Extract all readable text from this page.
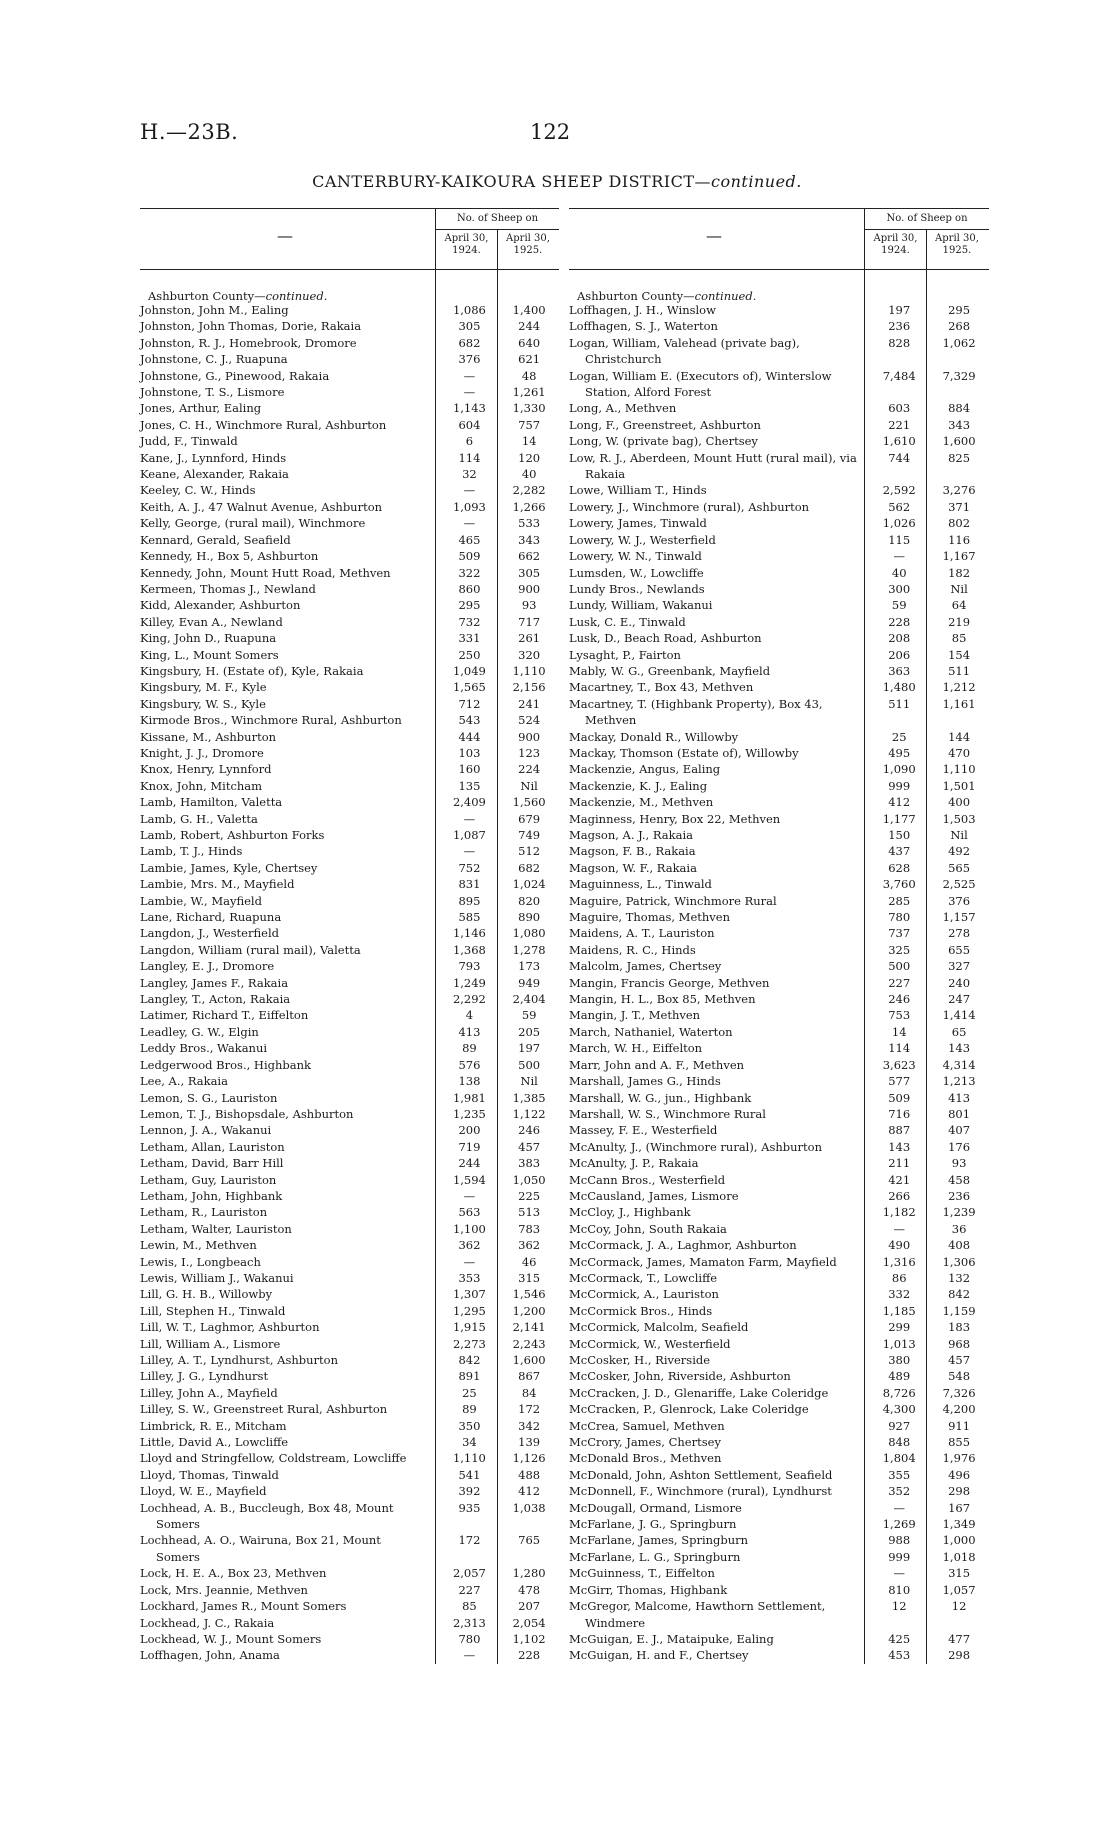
H.—23B.	122
CANTERBURY-KAIKOURA SHEEP DISTRICT—continued.
—
No. of Sheep on
April 30, 1924.
April 30, 1925.
Ashburton County—continued.
Johnston, John M., Ealing	1,086	1,400
Johnston, John Thomas, Dorie, Rakaia	305	244
Johnston, R. J., Homebrook, Dromore	682	640
Johnstone, C. J., Ruapuna	376	621
Johnstone, G., Pinewood, Rakaia	—	48
Johnstone, T. S., Lismore	—	1,261
Jones, Arthur, Ealing	1,143	1,330
Jones, C. H., Winchmore Rural, Ashburton	604	757
Judd, F., Tinwald	6	14
Kane, J., Lynnford, Hinds	114	120
Keane, Alexander, Rakaia	32	40
Keeley, C. W., Hinds	—	2,282
Keith, A. J., 47 Walnut Avenue, Ashburton	1,093	1,266
Kelly, George, (rural mail), Winchmore	—	533
Kennard, Gerald, Seafield	465	343
Kennedy, H., Box 5, Ashburton	509	662
Kennedy, John, Mount Hutt Road, Methven	322	305
Kermeen, Thomas J., Newland	860	900
Kidd, Alexander, Ashburton	295	93
Killey, Evan A., Newland	732	717
King, John D., Ruapuna	331	261
King, L., Mount Somers	250	320
Kingsbury, H. (Estate of), Kyle, Rakaia	1,049	1,110
Kingsbury, M. F., Kyle	1,565	2,156
Kingsbury, W. S., Kyle	712	241
Kirmode Bros., Winchmore Rural, Ashburton	543	524
Kissane, M., Ashburton	444	900
Knight, J. J., Dromore	103	123
Knox, Henry, Lynnford	160	224
Knox, John, Mitcham	135	Nil
Lamb, Hamilton, Valetta	2,409	1,560
Lamb, G. H., Valetta	—	679
Lamb, Robert, Ashburton Forks	1,087	749
Lamb, T. J., Hinds	—	512
Lambie, James, Kyle, Chertsey	752	682
Lambie, Mrs. M., Mayfield	831	1,024
Lambie, W., Mayfield	895	820
Lane, Richard, Ruapuna	585	890
Langdon, J., Westerfield	1,146	1,080
Langdon, William (rural mail), Valetta	1,368	1,278
Langley, E. J., Dromore	793	173
Langley, James F., Rakaia	1,249	949
Langley, T., Acton, Rakaia	2,292	2,404
Latimer, Richard T., Eiffelton	4	59
Leadley, G. W., Elgin	413	205
Leddy Bros., Wakanui	89	197
Ledgerwood Bros., Highbank	576	500
Lee, A., Rakaia	138	Nil
Lemon, S. G., Lauriston	1,981	1,385
Lemon, T. J., Bishopsdale, Ashburton	1,235	1,122
Lennon, J. A., Wakanui	200	246
Letham, Allan, Lauriston	719	457
Letham, David, Barr Hill	244	383
Letham, Guy, Lauriston	1,594	1,050
Letham, John, Highbank	—	225
Letham, R., Lauriston	563	513
Letham, Walter, Lauriston	1,100	783
Lewin, M., Methven	362	362
Lewis, I., Longbeach	—	46
Lewis, William J., Wakanui	353	315
Lill, G. H. B., Willowby	1,307	1,546
Lill, Stephen H., Tinwald	1,295	1,200
Lill, W. T., Laghmor, Ashburton	1,915	2,141
Lill, William A., Lismore	2,273	2,243
Lilley, A. T., Lyndhurst, Ashburton	842	1,600
Lilley, J. G., Lyndhurst	891	867
Lilley, John A., Mayfield	25	84
Lilley, S. W., Greenstreet Rural, Ashburton	89	172
Limbrick, R. E., Mitcham	350	342
Little, David A., Lowcliffe	34	139
Lloyd and Stringfellow, Coldstream, Lowcliffe	1,110	1,126
Lloyd, Thomas, Tinwald	541	488
Lloyd, W. E., Mayfield	392	412
Lochhead, A. B., Buccleugh, Box 48, Mount Somers
935	1,038
Lochhead, A. O., Wairuna, Box 21, Mount Somers
172	765
Lock, H. E. A., Box 23, Methven	2,057	1,280
Lock, Mrs. Jeannie, Methven	227	478
Lockhard, James R., Mount Somers	85	207
Lockhead, J. C., Rakaia	2,313	2,054
Lockhead, W. J., Mount Somers	780	1,102
Loffhagen, John, Anama	—	228
—
No. of Sheep on
April 30, 1924.
April 30, 1925.
Ashburton County—continued.
Loffhagen, J. H., Winslow	197	295
Loffhagen, S. J., Waterton	236	268
Logan, William, Valehead (private bag), Christchurch
828	1,062
Logan, William E. (Executors of), Winterslow Station, Alford Forest
7,484	7,329
Long, A., Methven	603	884
Long, F., Greenstreet, Ashburton	221	343
Long, W. (private bag), Chertsey	1,610	1,600
Low, R. J., Aberdeen, Mount Hutt (rural mail), via Rakaia
744	825
Lowe, William T., Hinds	2,592	3,276
Lowery, J., Winchmore (rural), Ashburton	562	371
Lowery, James, Tinwald	1,026	802
Lowery, W. J., Westerfield	115	116
Lowery, W. N., Tinwald	—	1,167
Lumsden, W., Lowcliffe	40	182
Lundy Bros., Newlands	300	Nil
Lundy, William, Wakanui	59	64
Lusk, C. E., Tinwald	228	219
Lusk, D., Beach Road, Ashburton	208	85
Lysaght, P., Fairton	206	154
Mably, W. G., Greenbank, Mayfield	363	511
Macartney, T., Box 43, Methven	1,480	1,212
Macartney, T. (Highbank Property), Box 43, Methven
511	1,161
Mackay, Donald R., Willowby	25	144
Mackay, Thomson (Estate of), Willowby	495	470
Mackenzie, Angus, Ealing	1,090	1,110
Mackenzie, K. J., Ealing	999	1,501
Mackenzie, M., Methven	412	400
Maginness, Henry, Box 22, Methven	1,177	1,503
Magson, A. J., Rakaia	150	Nil
Magson, F. B., Rakaia	437	492
Magson, W. F., Rakaia	628	565
Maguinness, L., Tinwald	3,760	2,525
Maguire, Patrick, Winchmore Rural	285	376
Maguire, Thomas, Methven	780	1,157
Maidens, A. T., Lauriston	737	278
Maidens, R. C., Hinds	325	655
Malcolm, James, Chertsey	500	327
Mangin, Francis George, Methven	227	240
Mangin, H. L., Box 85, Methven	246	247
Mangin, J. T., Methven	753	1,414
March, Nathaniel, Waterton	14	65
March, W. H., Eiffelton	114	143
Marr, John and A. F., Methven	3,623	4,314
Marshall, James G., Hinds	577	1,213
Marshall, W. G., jun., Highbank	509	413
Marshall, W. S., Winchmore Rural	716	801
Massey, F. E., Westerfield	887	407
McAnulty, J., (Winchmore rural), Ashburton	143	176
McAnulty, J. P., Rakaia	211	93
McCann Bros., Westerfield	421	458
McCausland, James, Lismore	266	236
McCloy, J., Highbank	1,182	1,239
McCoy, John, South Rakaia	—	36
McCormack, J. A., Laghmor, Ashburton	490	408
McCormack, James, Mamaton Farm, Mayfield	1,316	1,306
McCormack, T., Lowcliffe	86	132
McCormick, A., Lauriston	332	842
McCormick Bros., Hinds	1,185	1,159
McCormick, Malcolm, Seafield	299	183
McCormick, W., Westerfield	1,013	968
McCosker, H., Riverside	380	457
McCosker, John, Riverside, Ashburton	489	548
McCracken, J. D., Glenariffe, Lake Coleridge	8,726	7,326
McCracken, P., Glenrock, Lake Coleridge	4,300	4,200
McCrea, Samuel, Methven	927	911
McCrory, James, Chertsey	848	855
McDonald Bros., Methven	1,804	1,976
McDonald, John, Ashton Settlement, Seafield	355	496
McDonnell, F., Winchmore (rural), Lyndhurst	352	298
McDougall, Ormand, Lismore	—	167
McFarlane, J. G., Springburn	1,269	1,349
McFarlane, James, Springburn	988	1,000
McFarlane, L. G., Springburn	999	1,018
McGuinness, T., Eiffelton	—	315
McGirr, Thomas, Highbank	810	1,057
McGregor, Malcome, Hawthorn Settlement, Windmere
12	12
McGuigan, E. J., Mataipuke, Ealing	425	477
McGuigan, H. and F., Chertsey	453	298
